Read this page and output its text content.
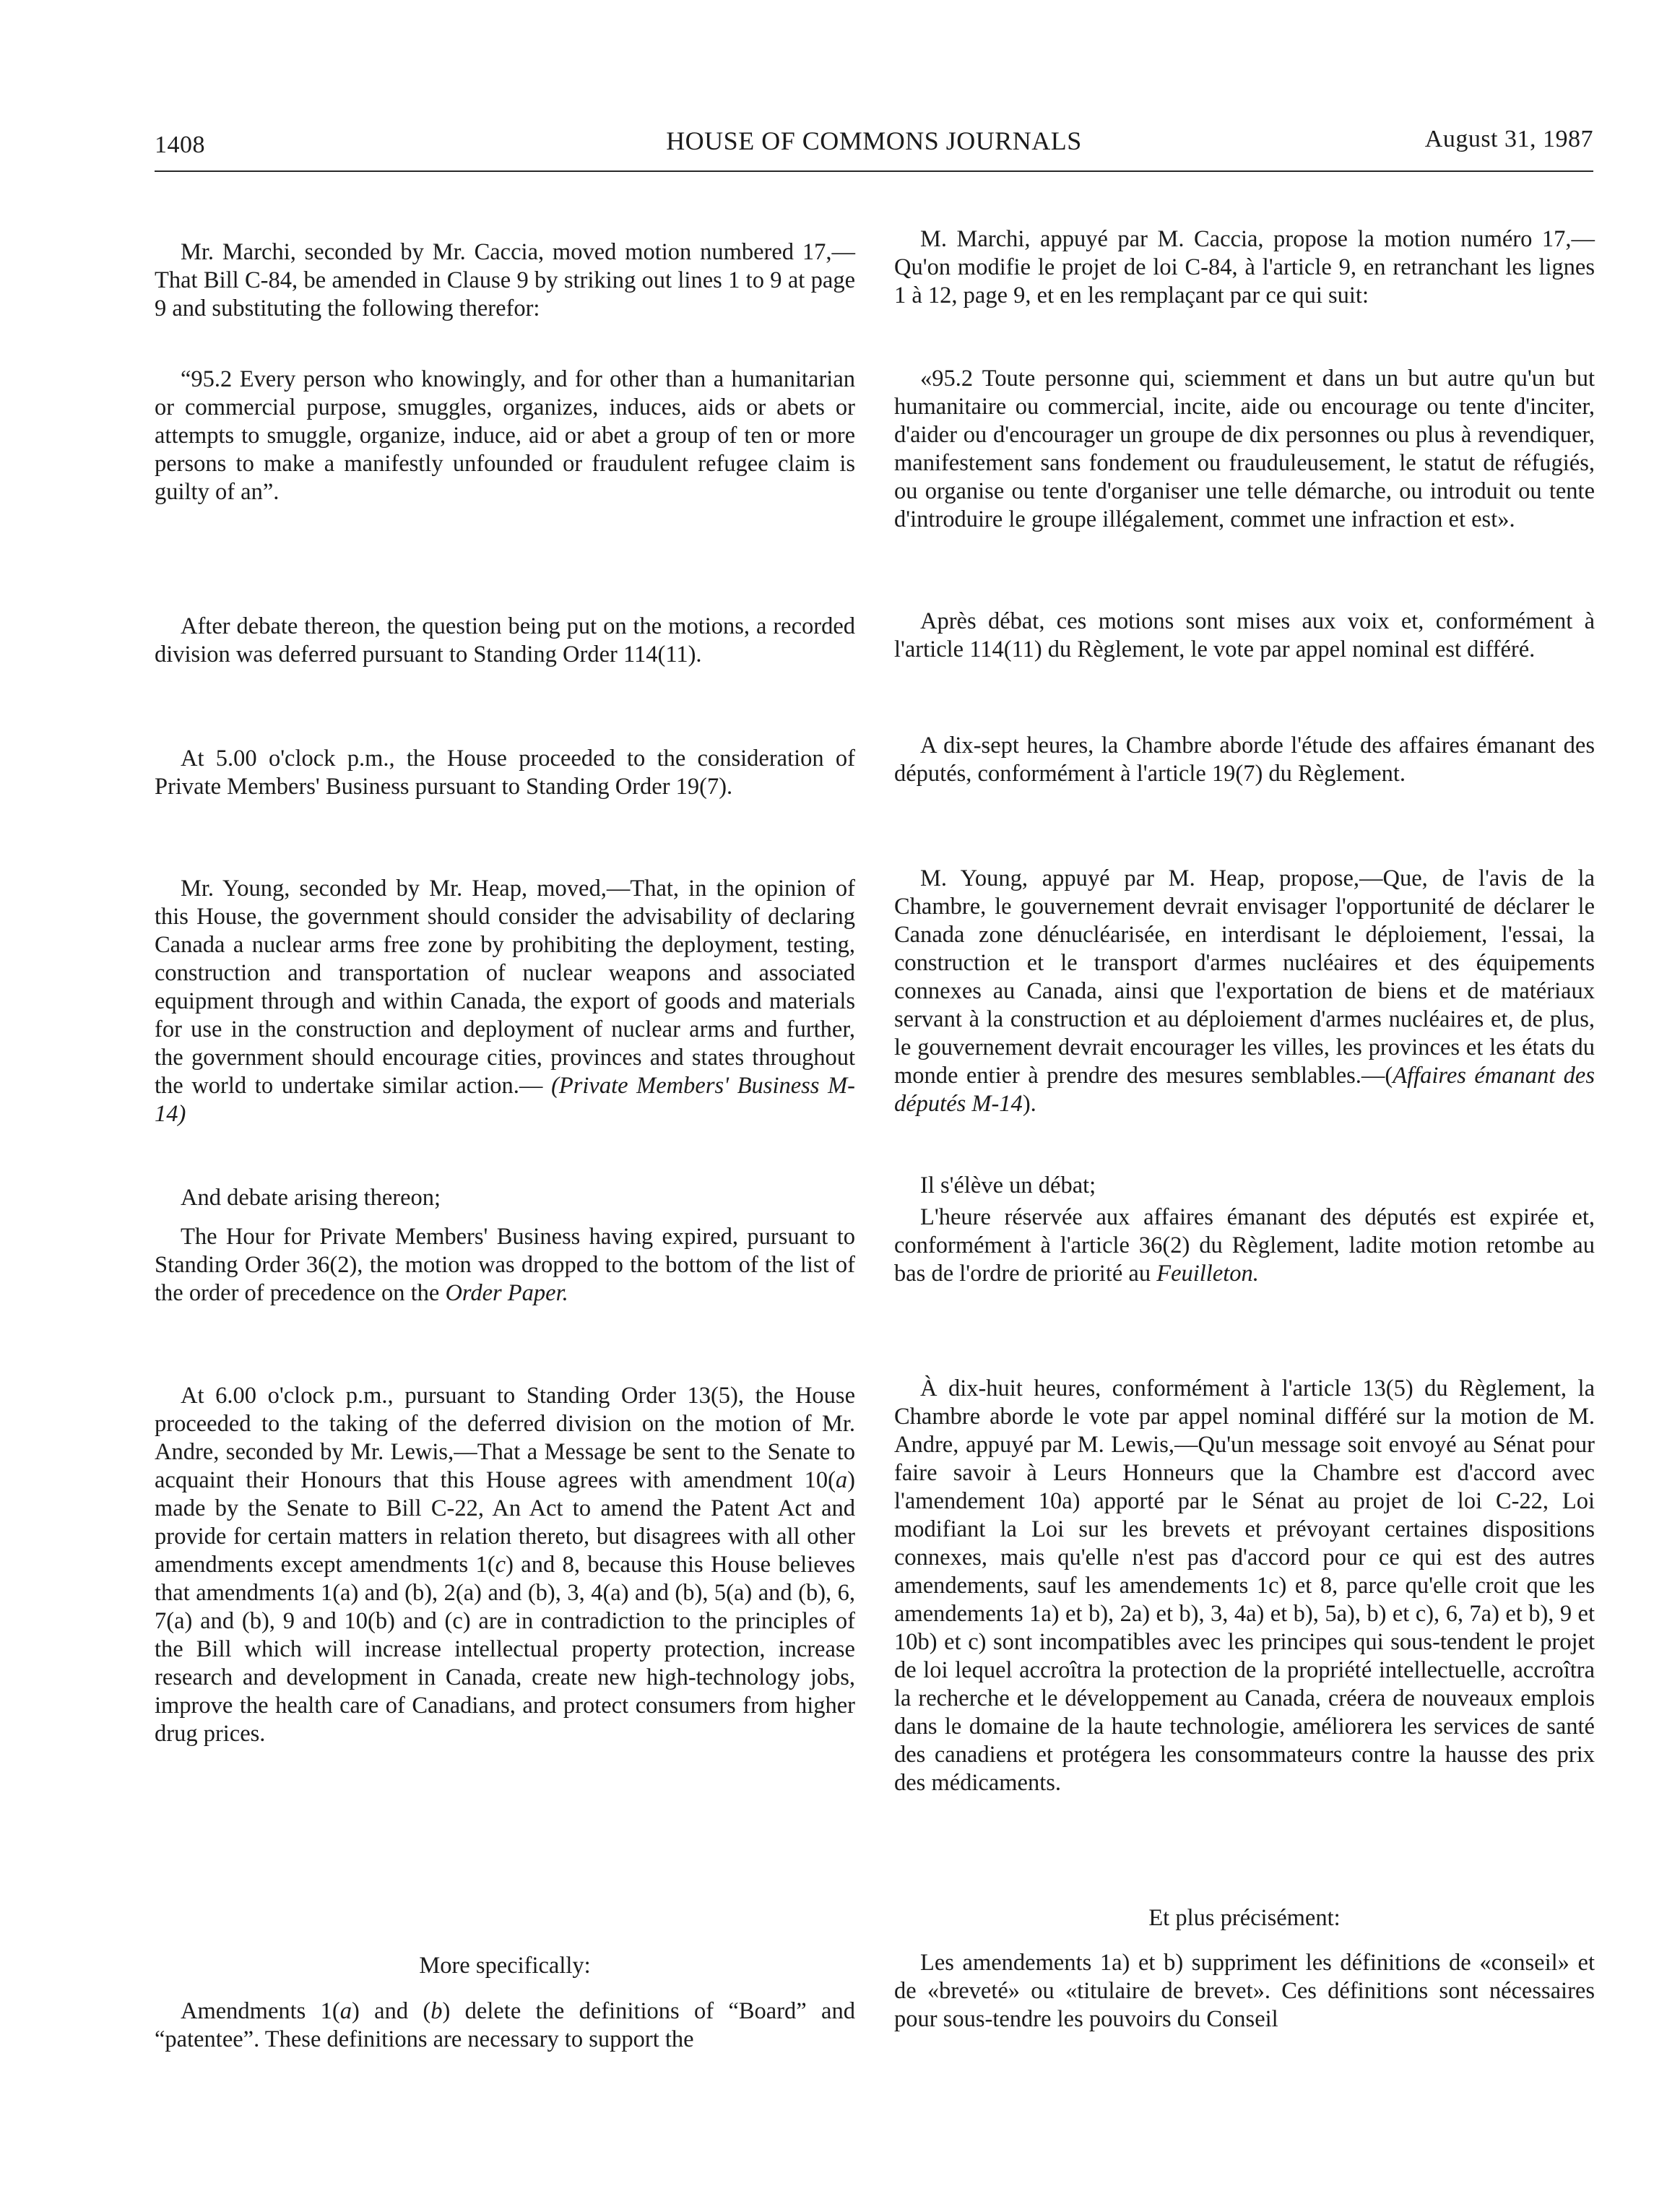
1408	HOUSE OF COMMONS JOURNALS	August 31, 1987

Mr. Marchi, seconded by Mr. Caccia, moved motion numbered 17,—That Bill C-84, be amended in Clause 9 by striking out lines 1 to 9 at page 9 and substituting the following therefor:

“95.2 Every person who knowingly, and for other than a humanitarian or commercial purpose, smuggles, organizes, induces, aids or abets or attempts to smuggle, organize, induce, aid or abet a group of ten or more persons to make a manifestly unfounded or fraudulent refugee claim is guilty of an”.

After debate thereon, the question being put on the motions, a recorded division was deferred pursuant to Standing Order 114(11).

At 5.00 o'clock p.m., the House proceeded to the consideration of Private Members' Business pursuant to Standing Order 19(7).

Mr. Young, seconded by Mr. Heap, moved,—That, in the opinion of this House, the government should consider the advisability of declaring Canada a nuclear arms free zone by prohibiting the deployment, testing, construction and transportation of nuclear weapons and associated equipment through and within Canada, the export of goods and materials for use in the construction and deployment of nuclear arms and further, the government should encourage cities, provinces and states throughout the world to undertake similar action.— (Private Members' Business M-14)

And debate arising thereon;

The Hour for Private Members' Business having expired, pursuant to Standing Order 36(2), the motion was dropped to the bottom of the list of the order of precedence on the Order Paper.

At 6.00 o'clock p.m., pursuant to Standing Order 13(5), the House proceeded to the taking of the deferred division on the motion of Mr. Andre, seconded by Mr. Lewis,—That a Message be sent to the Senate to acquaint their Honours that this House agrees with amendment 10(a) made by the Senate to Bill C-22, An Act to amend the Patent Act and provide for certain matters in relation thereto, but disagrees with all other amendments except amendments 1(c) and 8, because this House believes that amendments 1(a) and (b), 2(a) and (b), 3, 4(a) and (b), 5(a) and (b), 6, 7(a) and (b), 9 and 10(b) and (c) are in contradiction to the principles of the Bill which will increase intellectual property protection, increase research and development in Canada, create new high-technology jobs, improve the health care of Canadians, and protect consumers from higher drug prices.

More specifically:

Amendments 1(a) and (b) delete the definitions of “Board” and “patentee”. These definitions are necessary to support the

M. Marchi, appuyé par M. Caccia, propose la motion numéro 17,—Qu'on modifie le projet de loi C-84, à l'article 9, en retranchant les lignes 1 à 12, page 9, et en les remplaçant par ce qui suit:

«95.2 Toute personne qui, sciemment et dans un but autre qu'un but humanitaire ou commercial, incite, aide ou encourage ou tente d'inciter, d'aider ou d'encourager un groupe de dix personnes ou plus à revendiquer, manifestement sans fondement ou frauduleusement, le statut de réfugiés, ou organise ou tente d'organiser une telle démarche, ou introduit ou tente d'introduire le groupe illégalement, commet une infraction et est».

Après débat, ces motions sont mises aux voix et, conformément à l'article 114(11) du Règlement, le vote par appel nominal est différé.

A dix-sept heures, la Chambre aborde l'étude des affaires émanant des députés, conformément à l'article 19(7) du Règlement.

M. Young, appuyé par M. Heap, propose,—Que, de l'avis de la Chambre, le gouvernement devrait envisager l'opportunité de déclarer le Canada zone dénucléarisée, en interdisant le déploiement, l'essai, la construction et le transport d'armes nucléaires et des équipements connexes au Canada, ainsi que l'exportation de biens et de matériaux servant à la construction et au déploiement d'armes nucléaires et, de plus, le gouvernement devrait encourager les villes, les provinces et les états du monde entier à prendre des mesures semblables.—(Affaires émanant des députés M-14).

Il s'élève un débat;

L'heure réservée aux affaires émanant des députés est expirée et, conformément à l'article 36(2) du Règlement, ladite motion retombe au bas de l'ordre de priorité au Feuilleton.

À dix-huit heures, conformément à l'article 13(5) du Règlement, la Chambre aborde le vote par appel nominal différé sur la motion de M. Andre, appuyé par M. Lewis,—Qu'un message soit envoyé au Sénat pour faire savoir à Leurs Honneurs que la Chambre est d'accord avec l'amendement 10a) apporté par le Sénat au projet de loi C-22, Loi modifiant la Loi sur les brevets et prévoyant certaines dispositions connexes, mais qu'elle n'est pas d'accord pour ce qui est des autres amendements, sauf les amendements 1c) et 8, parce qu'elle croit que les amendements 1a) et b), 2a) et b), 3, 4a) et b), 5a), b) et c), 6, 7a) et b), 9 et 10b) et c) sont incompatibles avec les principes qui sous-tendent le projet de loi lequel accroîtra la protection de la propriété intellectuelle, accroîtra la recherche et le développement au Canada, créera de nouveaux emplois dans le domaine de la haute technologie, améliorera les services de santé des canadiens et protégera les consommateurs contre la hausse des prix des médicaments.

Et plus précisément:

Les amendements 1a) et b) suppriment les définitions de «conseil» et de «breveté» ou «titulaire de brevet». Ces définitions sont nécessaires pour sous-tendre les pouvoirs du Conseil
